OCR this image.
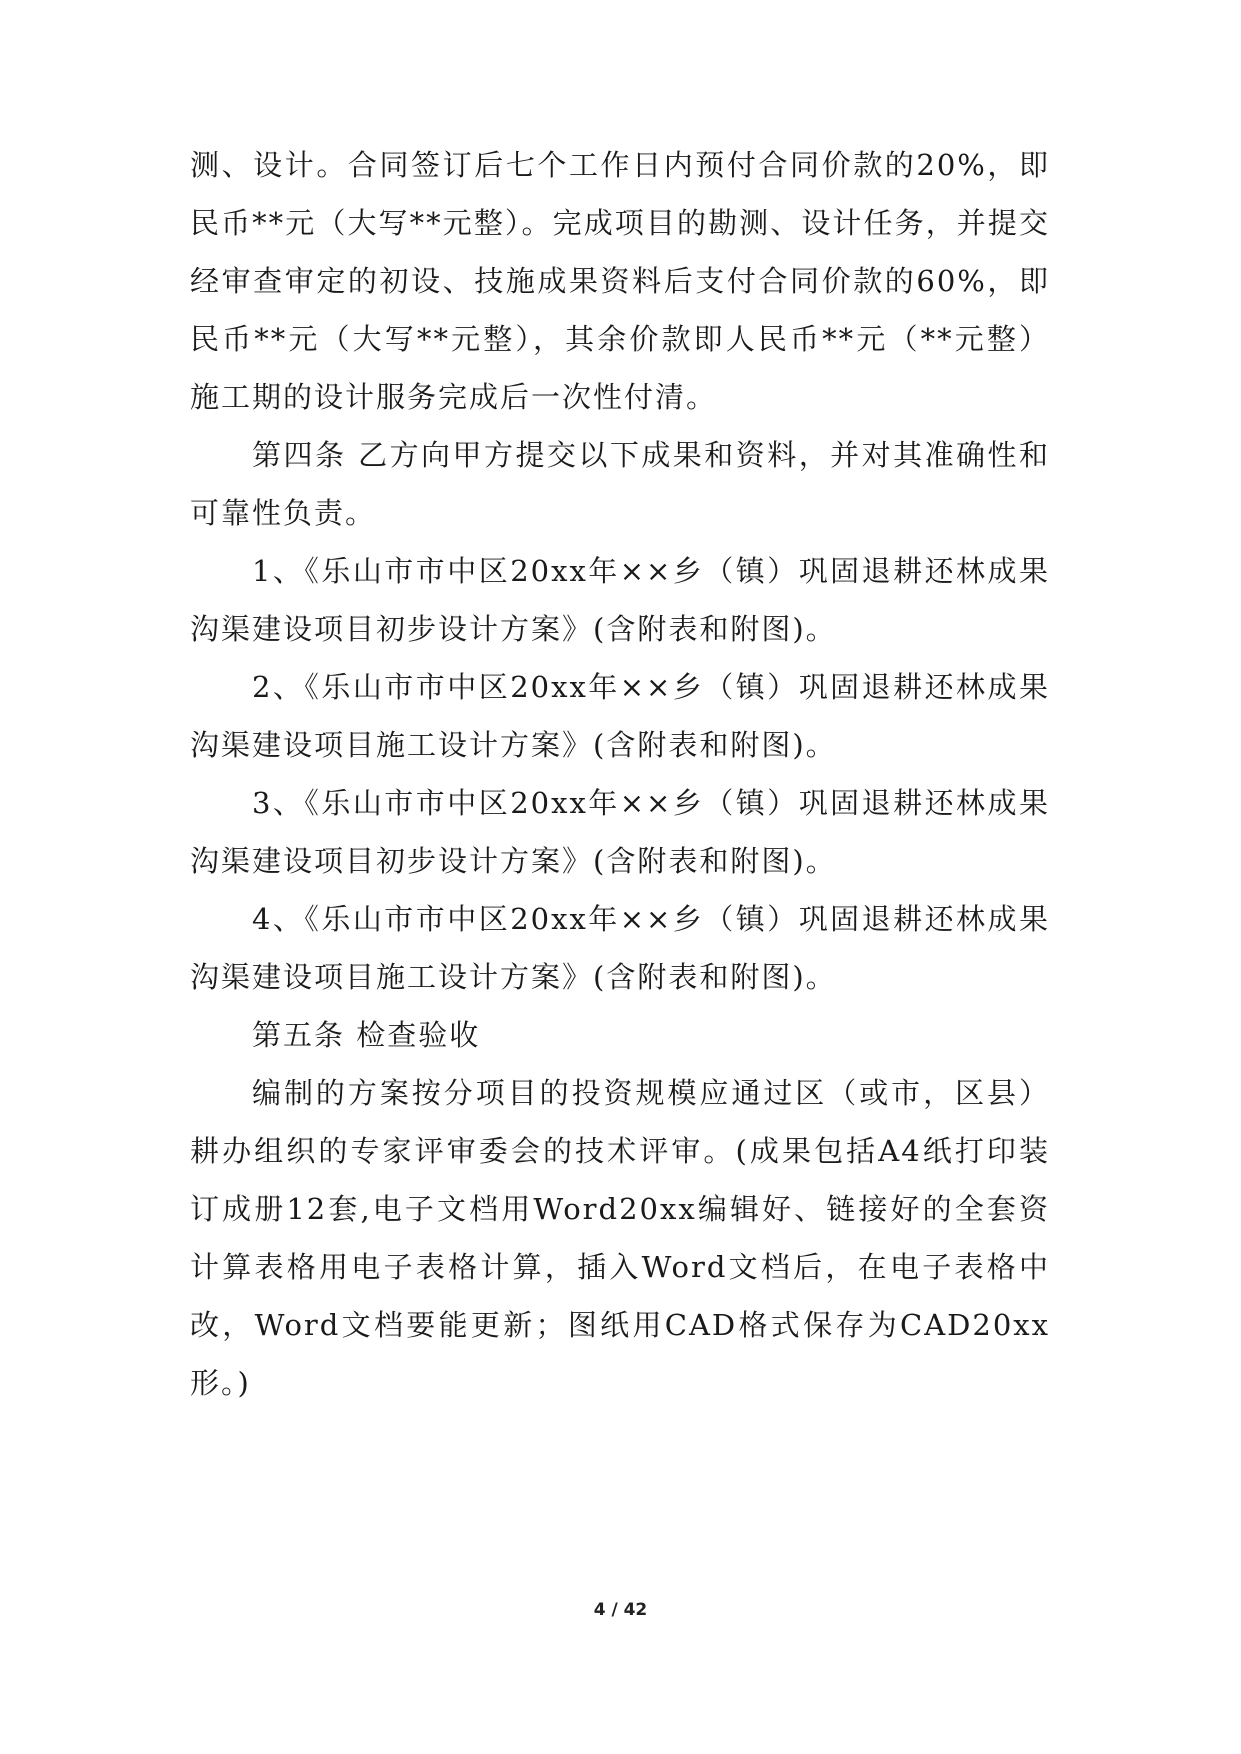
测、设计。合同签订后七个工作日内预付合同价款的20%，即
民币**元（大写**元整）。完成项目的勘测、设计任务，并提交
经审查审定的初设、技施成果资料后支付合同价款的60%，即
民币**元（大写**元整），其余价款即人民币**元（**元整）
施工期的设计服务完成后一次性付清。
第四条 乙方向甲方提交以下成果和资料，并对其准确性和
可靠性负责。
1、《乐山市市中区20xx年××乡（镇）巩固退耕还林成果
沟渠建设项目初步设计方案》(含附表和附图)。
2、《乐山市市中区20xx年××乡（镇）巩固退耕还林成果
沟渠建设项目施工设计方案》(含附表和附图)。
3、《乐山市市中区20xx年××乡（镇）巩固退耕还林成果
沟渠建设项目初步设计方案》(含附表和附图)。
4、《乐山市市中区20xx年××乡（镇）巩固退耕还林成果
沟渠建设项目施工设计方案》(含附表和附图)。
第五条 检查验收
编制的方案按分项目的投资规模应通过区（或市，区县）
耕办组织的专家评审委会的技术评审。(成果包括A4纸打印装
订成册12套,电子文档用Word20xx编辑好、链接好的全套资
计算表格用电子表格计算，插入Word文档后，在电子表格中
改，Word文档要能更新；图纸用CAD格式保存为CAD20xx
形。)
4 / 42
